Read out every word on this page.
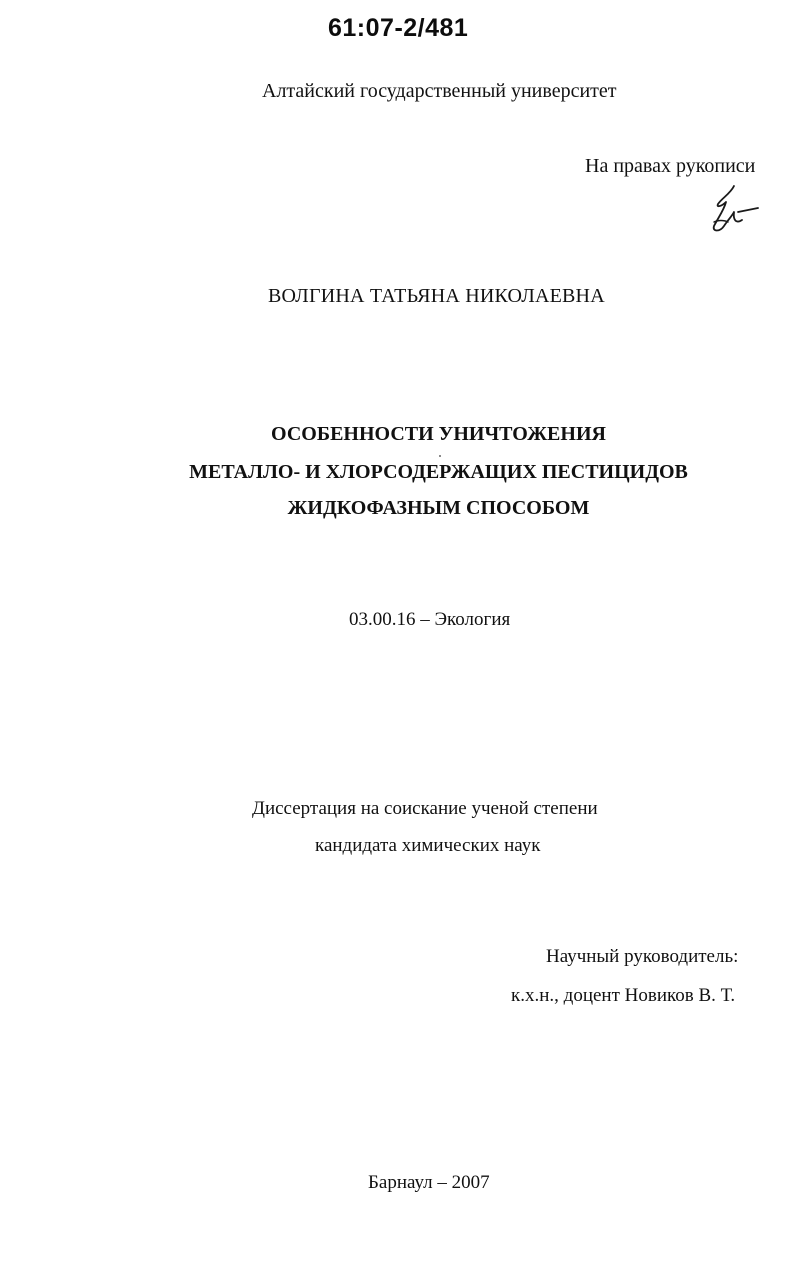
61:07-2/481
Алтайский государственный университет
На правах рукописи
ВОЛГИНА ТАТЬЯНА НИКОЛАЕВНА
ОСОБЕННОСТИ УНИЧТОЖЕНИЯ
МЕТАЛЛО- И ХЛОРСОДЕРЖАЩИХ ПЕСТИЦИДОВ
ЖИДКОФАЗНЫМ СПОСОБОМ
03.00.16 – Экология
Диссертация на соискание ученой степени
кандидата химических наук
Научный руководитель:
к.х.н., доцент Новиков В. Т.
Барнаул – 2007
